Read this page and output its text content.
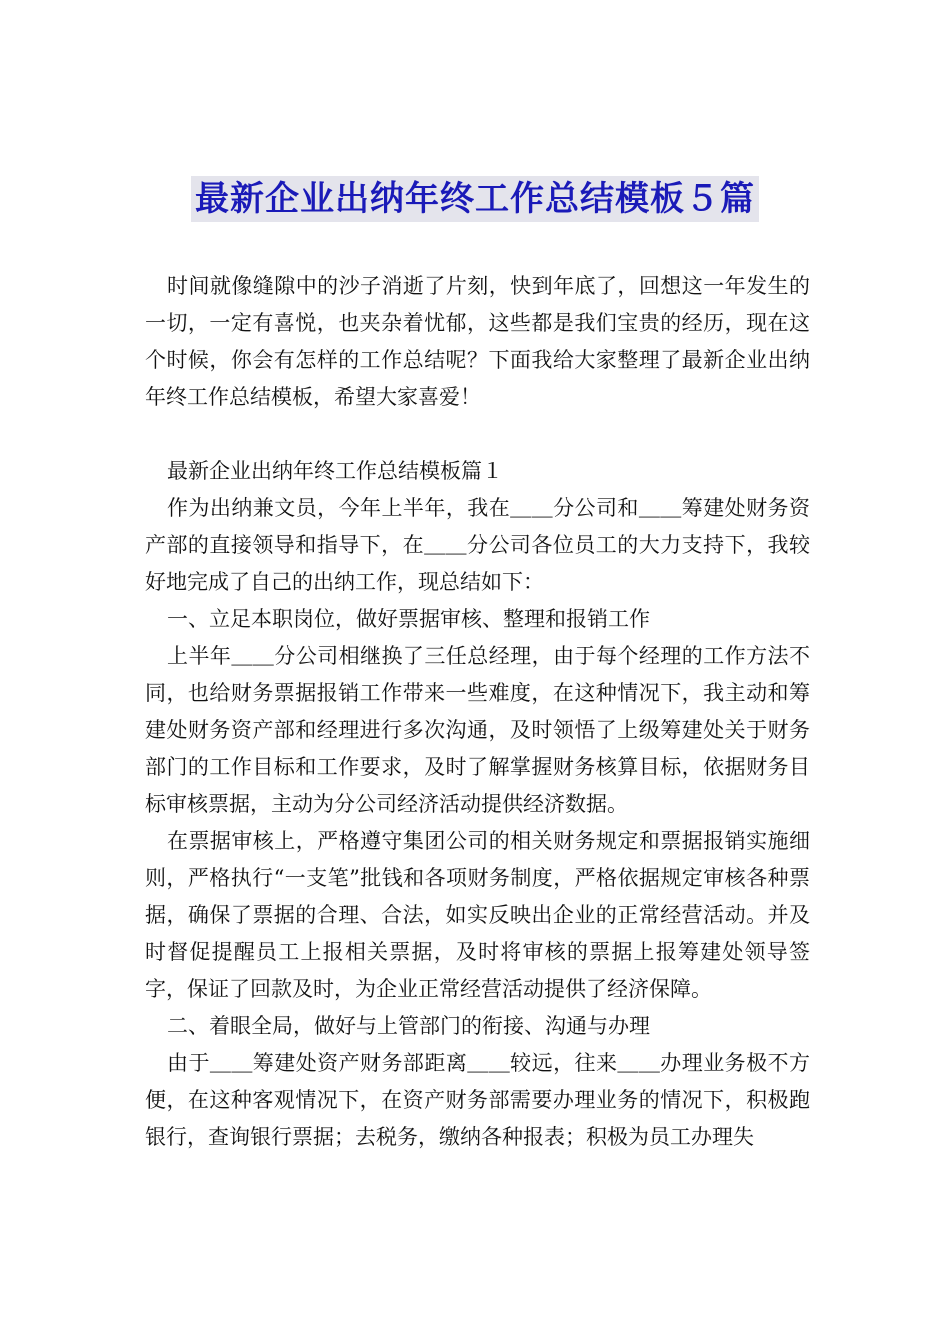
最新企业出纳年终工作总结模板５篇

时间就像缝隙中的沙子消逝了片刻，快到年底了，回想这一年发生的一切，一定有喜悦，也夹杂着忧郁，这些都是我们宝贵的经历，现在这个时候，你会有怎样的工作总结呢？下面我给大家整理了最新企业出纳年终工作总结模板，希望大家喜爱！

最新企业出纳年终工作总结模板篇１

作为出纳兼文员，今年上半年，我在＿＿分公司和＿＿筹建处财务资产部的直接领导和指导下，在＿＿分公司各位员工的大力支持下，我较好地完成了自己的出纳工作，现总结如下：

一、立足本职岗位，做好票据审核、整理和报销工作

上半年＿＿分公司相继换了三任总经理，由于每个经理的工作方法不同，也给财务票据报销工作带来一些难度，在这种情况下，我主动和筹建处财务资产部和经理进行多次沟通，及时领悟了上级筹建处关于财务部门的工作目标和工作要求，及时了解掌握财务核算目标，依据财务目标审核票据，主动为分公司经济活动提供经济数据。

在票据审核上，严格遵守集团公司的相关财务规定和票据报销实施细则，严格执行“一支笔”批钱和各项财务制度，严格依据规定审核各种票据，确保了票据的合理、合法，如实反映出企业的正常经营活动。并及时督促提醒员工上报相关票据，及时将审核的票据上报筹建处领导签字，保证了回款及时，为企业正常经营活动提供了经济保障。

二、着眼全局，做好与上管部门的衔接、沟通与办理

由于＿＿筹建处资产财务部距离＿＿较远，往来＿＿办理业务极不方便，在这种客观情况下，在资产财务部需要办理业务的情况下，积极跑银行，查询银行票据；去税务，缴纳各种报表；积极为员工办理失
